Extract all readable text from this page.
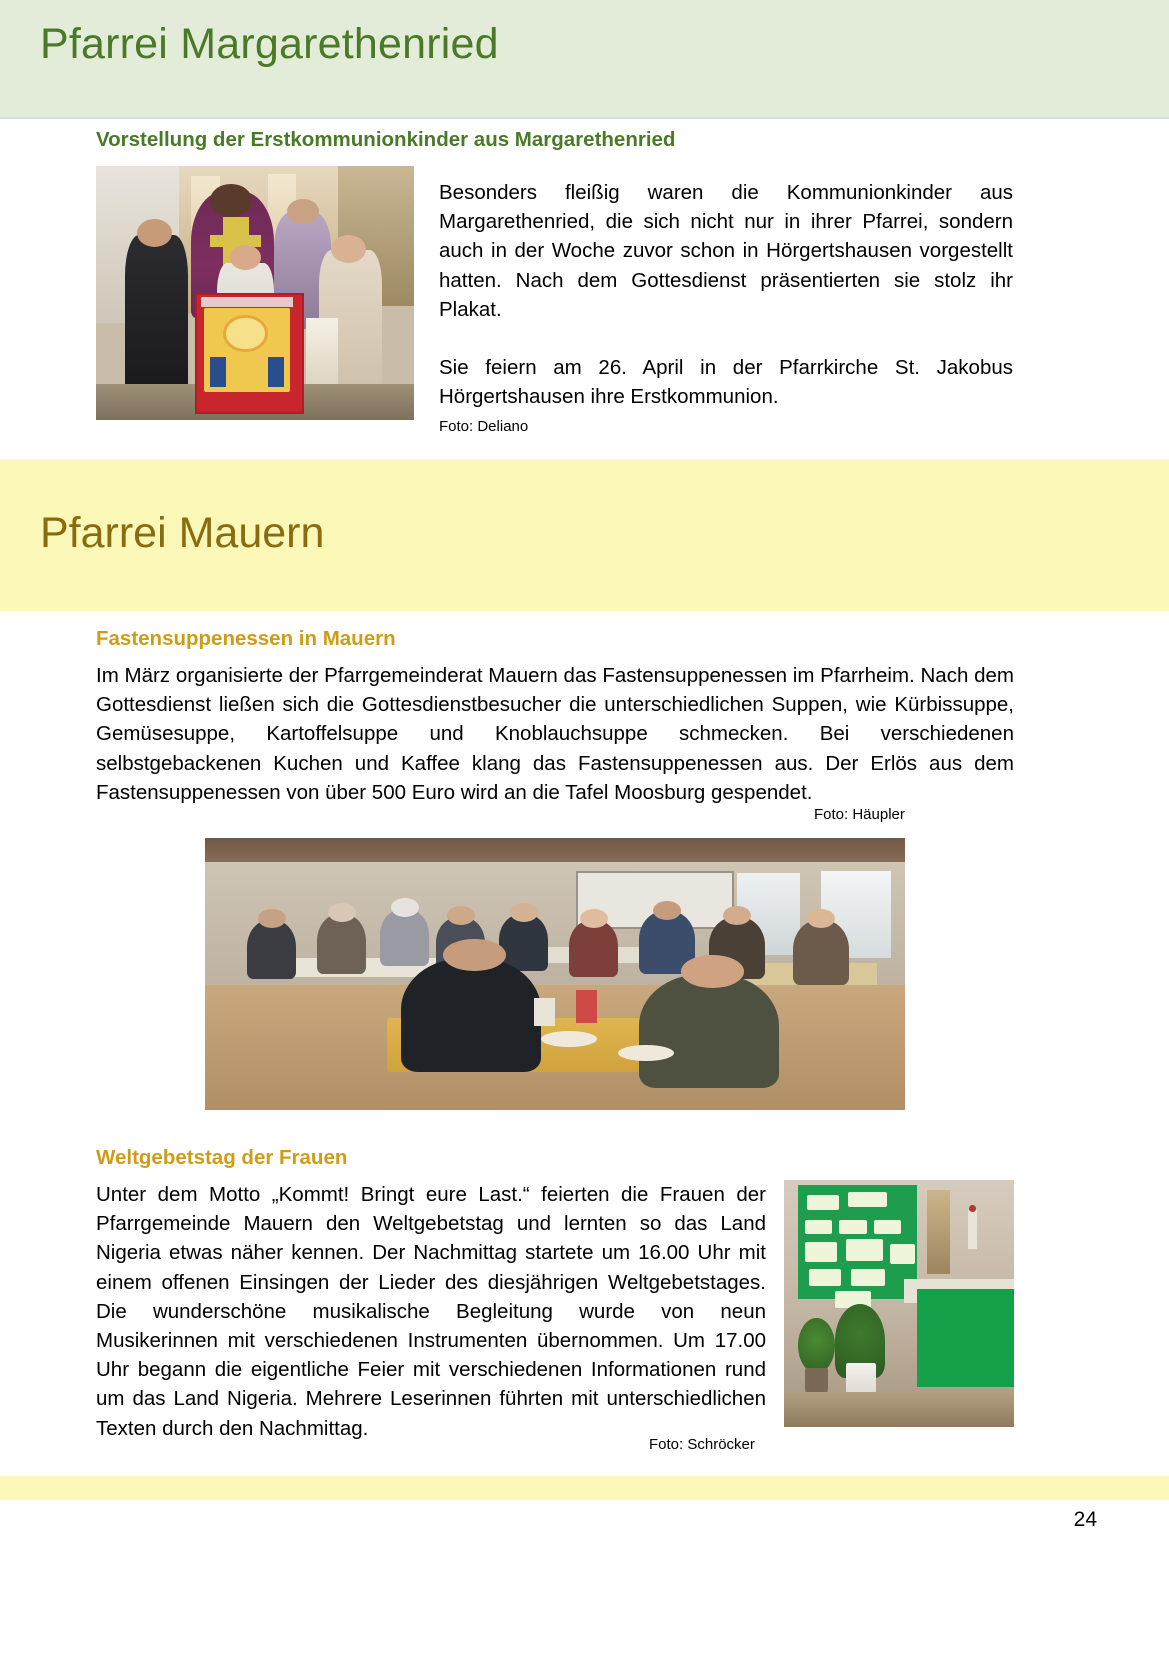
Pfarrei Margarethenried
Vorstellung der Erstkommunionkinder aus Margarethenried

Besonders fleißig waren die Kommunionkinder aus Margarethenried, die sich nicht nur in ihrer Pfarrei, sondern auch in der Woche zuvor schon in Hörgertshausen vorgestellt hatten. Nach dem Gottesdienst präsentierten sie stolz ihr Plakat.

Sie feiern am 26. April in der Pfarrkirche St. Jakobus Hörgertshausen ihre Erstkommunion.

Foto: Deliano
Pfarrei Mauern
Fastensuppenessen in Mauern

Im März organisierte der Pfarrgemeinderat Mauern das Fastensuppenessen im Pfarrheim. Nach dem Gottesdienst ließen sich die Gottesdienstbesucher die unterschiedlichen Suppen, wie Kürbissuppe, Gemüsesuppe, Kartoffelsuppe und Knoblauchsuppe schmecken. Bei verschiedenen selbstgebackenen Kuchen und Kaffee klang das Fastensuppenessen aus. Der Erlös aus dem Fastensuppenessen von über 500 Euro wird an die Tafel Moosburg gespendet.

Foto: Häupler
Weltgebetstag der Frauen

Unter dem Motto „Kommt! Bringt eure Last.“ feierten die Frauen der Pfarrgemeinde Mauern den Weltgebetstag und lernten so das Land Nigeria etwas näher kennen. Der Nachmittag startete um 16.00 Uhr mit einem offenen Einsingen der Lieder des diesjährigen Weltgebetstages. Die wunderschöne musikalische Begleitung wurde von neun Musikerinnen mit verschiedenen Instrumenten übernommen. Um 17.00 Uhr begann die eigentliche Feier mit verschiedenen Informationen rund um das Land Nigeria. Mehrere Leserinnen führten mit unterschiedlichen Texten durch den Nachmittag.

Foto: Schröcker
24
